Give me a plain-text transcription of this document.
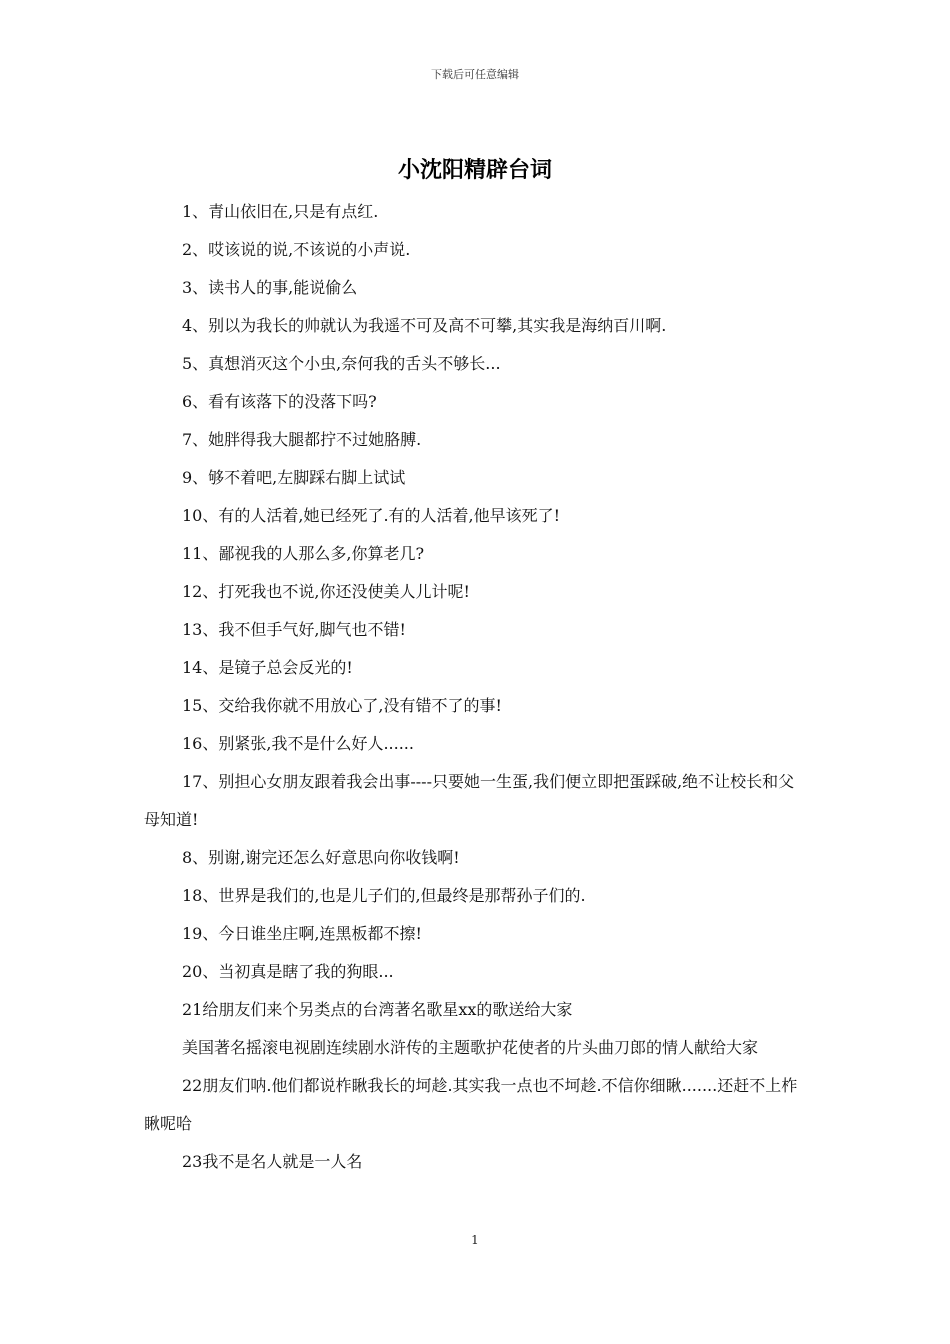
下载后可任意编辑
小沈阳精辟台词
1、青山依旧在,只是有点红.
2、哎该说的说,不该说的小声说.
3、读书人的事,能说偷么
4、别以为我长的帅就认为我遥不可及高不可攀,其实我是海纳百川啊.
5、真想消灭这个小虫,奈何我的舌头不够长...
6、看有该落下的没落下吗?
7、她胖得我大腿都拧不过她胳膊.
9、够不着吧,左脚踩右脚上试试
10、有的人活着,她已经死了.有的人活着,他早该死了!
11、鄙视我的人那么多,你算老几?
12、打死我也不说,你还没使美人儿计呢!
13、我不但手气好,脚气也不错!
14、是镜子总会反光的!
15、交给我你就不用放心了,没有错不了的事!
16、别紧张,我不是什么好人......
17、别担心女朋友跟着我会出事----只要她一生蛋,我们便立即把蛋踩破,绝不让校长和父母知道!
8、别谢,谢完还怎么好意思向你收钱啊!
18、世界是我们的,也是儿子们的,但最终是那帮孙子们的.
19、今日谁坐庄啊,连黑板都不擦!
20、当初真是瞎了我的狗眼...
21给朋友们来个另类点的台湾著名歌星xx的歌送给大家
美国著名摇滚电视剧连续剧水浒传的主题歌护花使者的片头曲刀郎的情人献给大家
22朋友们呐.他们都说柞瞅我长的坷趁.其实我一点也不坷趁.不信你细瞅.......还赶不上柞瞅呢哈
23我不是名人就是一人名
1
